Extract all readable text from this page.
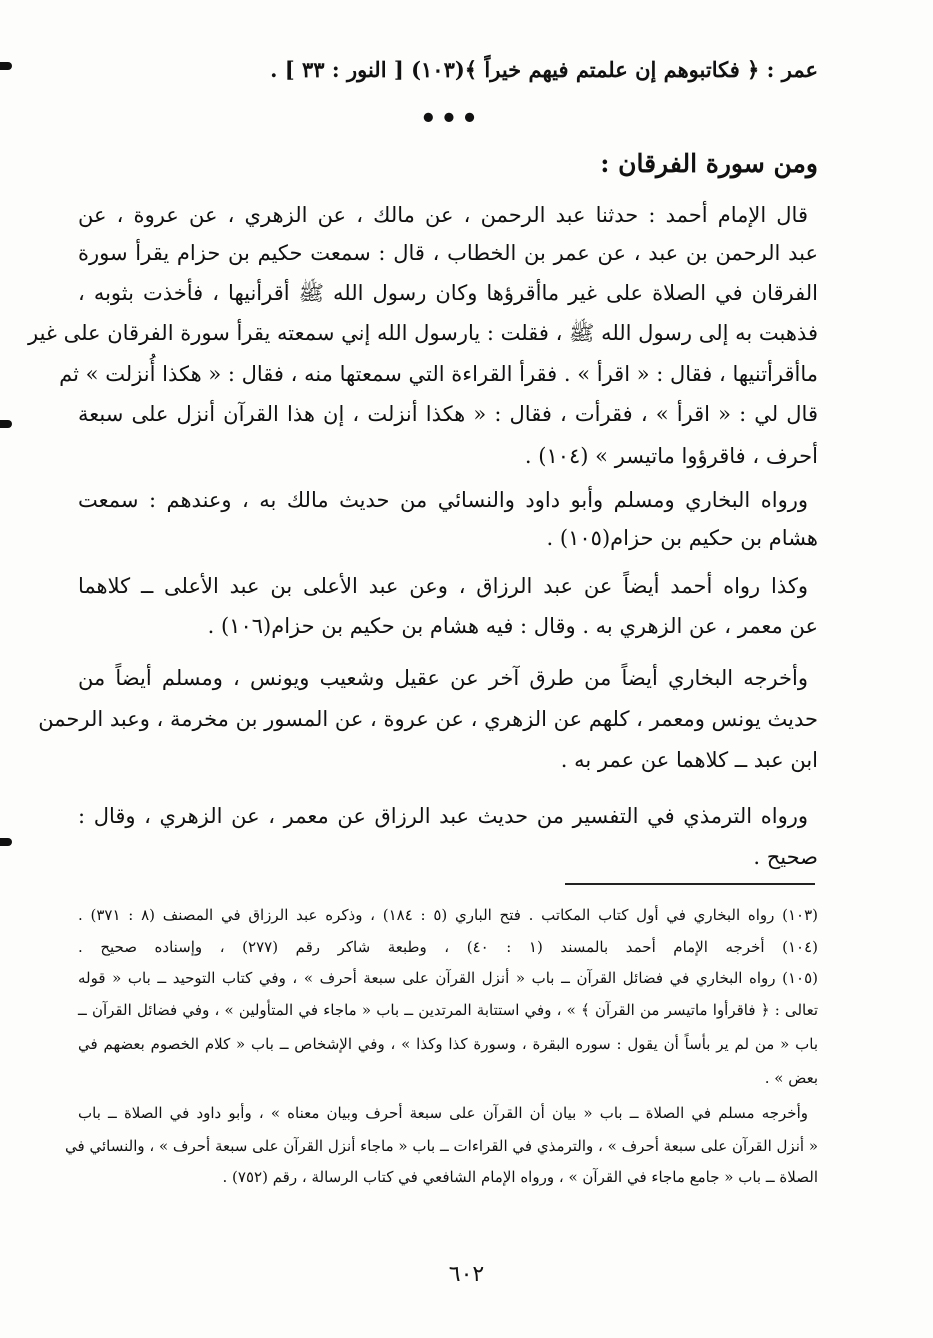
عمر : ﴿ فكاتبوهم إن علمتم فيهم خيراً ﴾(١٠٣) [ النور : ٣٣ ] .
•••
ومن سورة الفرقان :
قال الإمام أحمد : حدثنا عبد الرحمن ، عن مالك ، عن الزهري ، عن عروة ، عن
عبد الرحمن بن عبد ، عن عمر بن الخطاب ، قال : سمعت حكيم بن حزام يقرأ سورة
الفرقان في الصلاة على غير ماأقرؤها وكان رسول الله ﷺ أقرأنيها ، فأخذت بثوبه ،
فذهبت به إلى رسول الله ﷺ ، فقلت : يارسول الله إني سمعته يقرأ سورة الفرقان على غير
ماأقرأتنيها ، فقال : « اقرأ » . فقرأ القراءة التي سمعتها منه ، فقال : « هكذا أُنزلت » ثم
قال لي : « اقرأ » ، فقرأت ، فقال : « هكذا أنزلت ، إن هذا القرآن أنزل على سبعة
أحرف ، فاقرؤوا ماتيسر » (١٠٤) .
ورواه البخاري ومسلم وأبو داود والنسائي من حديث مالك به ، وعندهم : سمعت
هشام بن حكيم بن حزام(١٠٥) .
وكذا رواه أحمد أيضاً عن عبد الرزاق ، وعن عبد الأعلى بن عبد الأعلى ــ كلاهما
عن معمر ، عن الزهري به . وقال : فيه هشام بن حكيم بن حزام(١٠٦) .
وأخرجه البخاري أيضاً من طرق آخر عن عقيل وشعيب ويونس ، ومسلم أيضاً من
حديث يونس ومعمر ، كلهم عن الزهري ، عن عروة ، عن المسور بن مخرمة ، وعبد الرحمن
ابن عبد ــ كلاهما عن عمر به .
ورواه الترمذي في التفسير من حديث عبد الرزاق عن معمر ، عن الزهري ، وقال :
صحيح .
(١٠٣) رواه البخاري في أول كتاب المكاتب . فتح الباري (٥ : ١٨٤) ، وذكره عبد الرزاق في المصنف (٨ : ٣٧١) .
(١٠٤) أخرجه الإمام أحمد بالمسند (١ : ٤٠) ، وطبعة شاكر رقم (٢٧٧) ، وإسناده صحيح .
(١٠٥) رواه البخاري في فضائل القرآن ــ باب « أنزل القرآن على سبعة أحرف » ، وفي كتاب التوحيد ــ باب « قوله
تعالى : ﴿ فاقرأوا ماتيسر من القرآن ﴾ » ، وفي استتابة المرتدين ــ باب « ماجاء في المتأولين » ، وفي فضائل القرآن ــ
باب « من لم ير بأساً أن يقول : سوره البقرة ، وسورة كذا وكذا » ، وفي الإشخاص ــ باب « كلام الخصوم بعضهم في
بعض » .
وأخرجه مسلم في الصلاة ــ باب « بيان أن القرآن على سبعة أحرف وبيان معناه » ، وأبو داود في الصلاة ــ باب
« أنزل القرآن على سبعة أحرف » ، والترمذي في القراءات ــ باب « ماجاء أنزل القرآن على سبعة أحرف » ، والنسائي في
الصلاة ــ باب « جامع ماجاء في القرآن » ، ورواه الإمام الشافعي في كتاب الرسالة ، رقم (٧٥٢) .
٦٠٢
